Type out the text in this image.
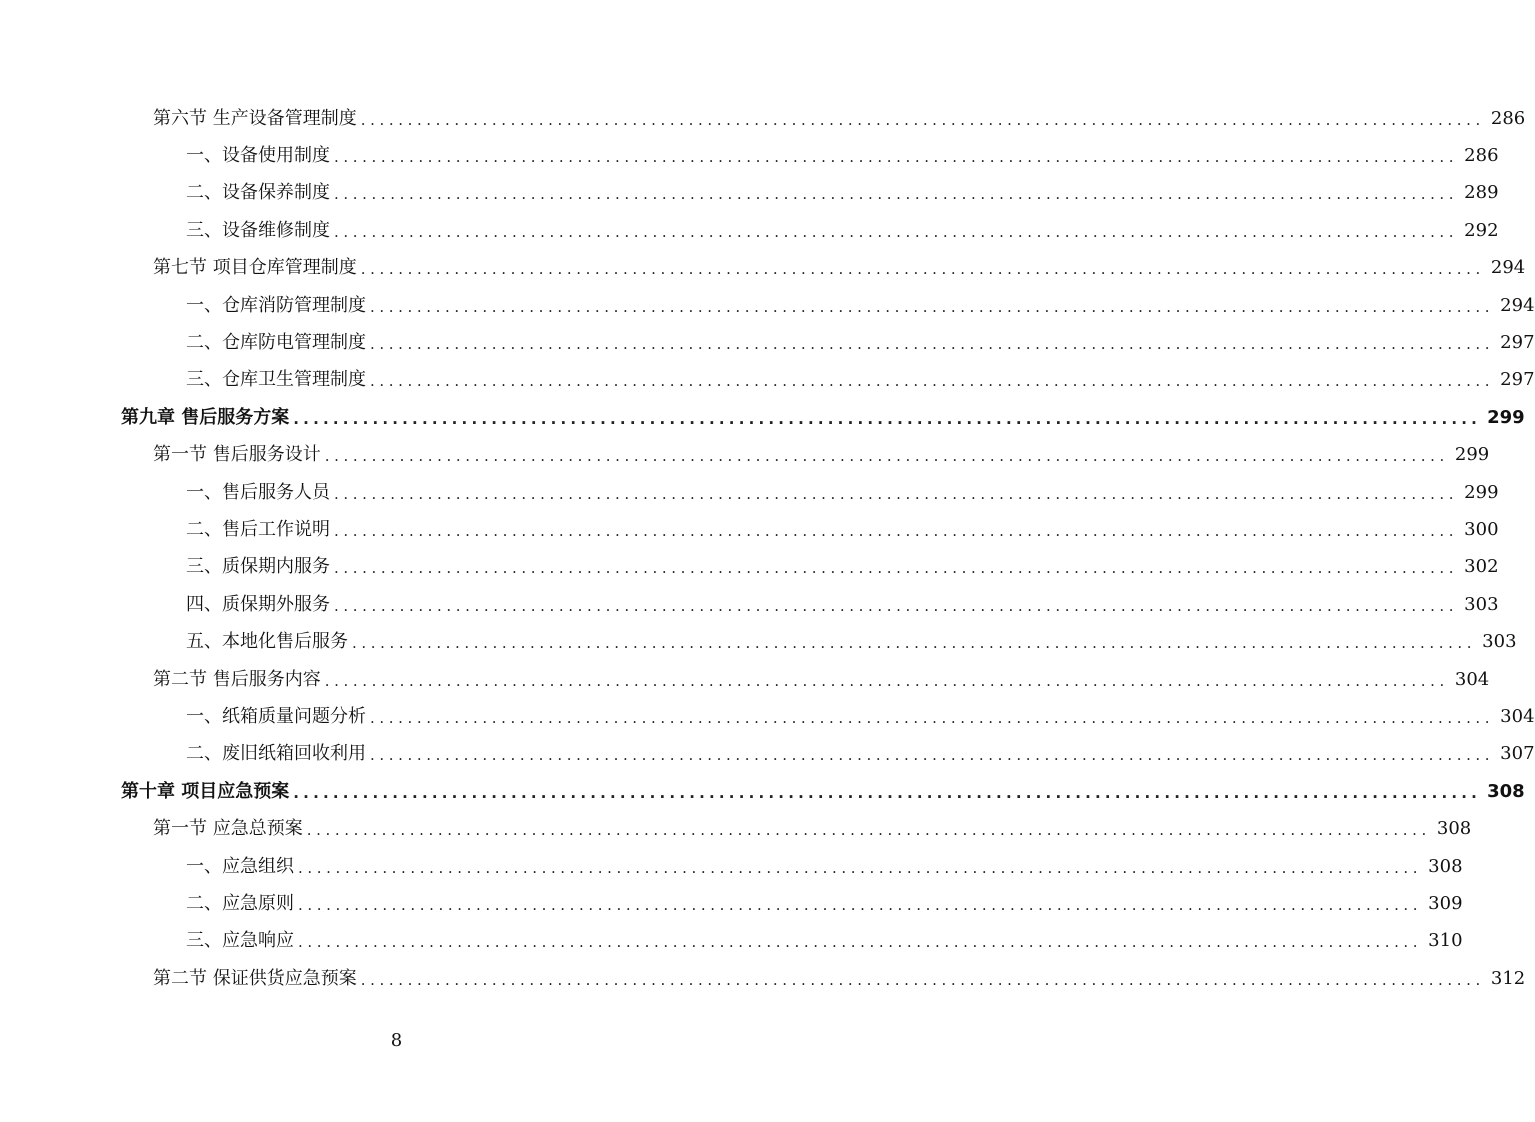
第六节 生产设备管理制度 ........................................................................................................................ 286
一、设备使用制度 ........................................................................................................................ 286
二、设备保养制度 ........................................................................................................................ 289
三、设备维修制度 ........................................................................................................................ 292
第七节 项目仓库管理制度 ........................................................................................................................ 294
一、仓库消防管理制度 ........................................................................................................................ 294
二、仓库防电管理制度 ........................................................................................................................ 297
三、仓库卫生管理制度 ........................................................................................................................ 297
第九章 售后服务方案 ........................................................................................................................ 299
第一节 售后服务设计 ........................................................................................................................ 299
一、售后服务人员 ........................................................................................................................ 299
二、售后工作说明 ........................................................................................................................ 300
三、质保期内服务 ........................................................................................................................ 302
四、质保期外服务 ........................................................................................................................ 303
五、本地化售后服务 ........................................................................................................................ 303
第二节 售后服务内容 ........................................................................................................................ 304
一、纸箱质量问题分析 ........................................................................................................................ 304
二、废旧纸箱回收利用 ........................................................................................................................ 307
第十章 项目应急预案 ........................................................................................................................ 308
第一节 应急总预案 ........................................................................................................................ 308
一、应急组织 ........................................................................................................................ 308
二、应急原则 ........................................................................................................................ 309
三、应急响应 ........................................................................................................................ 310
第二节 保证供货应急预案 ........................................................................................................................ 312
8
